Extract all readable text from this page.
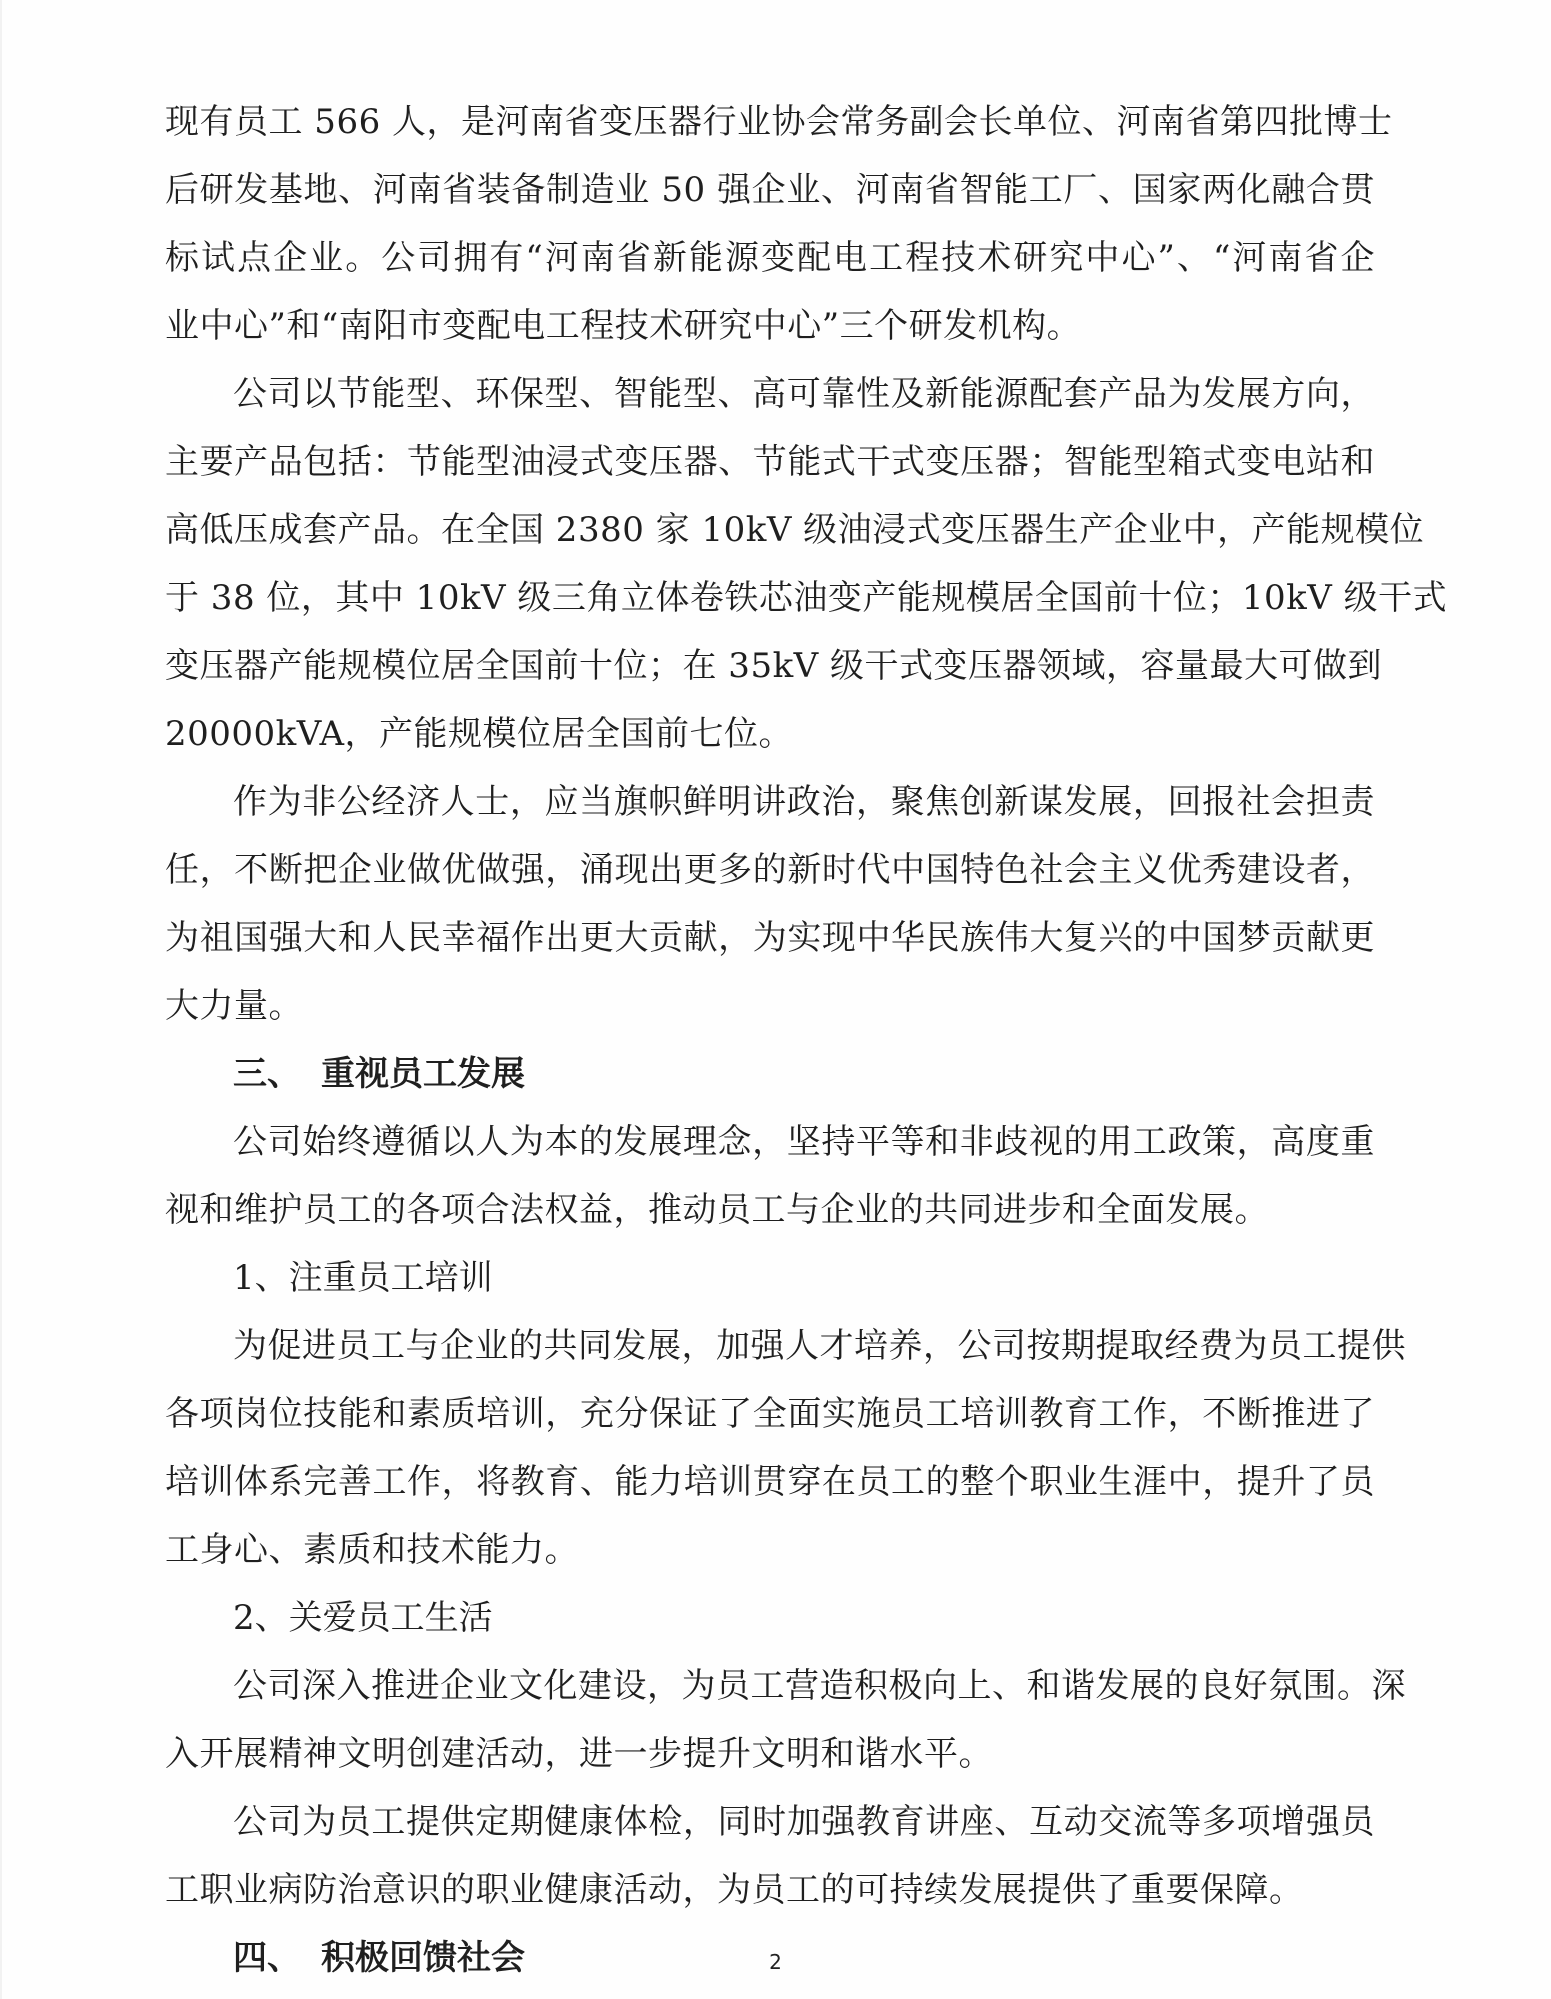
现有员工 566 人，是河南省变压器行业协会常务副会长单位、河南省第四批博士
后研发基地、河南省装备制造业 50 强企业、河南省智能工厂、国家两化融合贯
标试点企业。公司拥有“河南省新能源变配电工程技术研究中心”、“河南省企
业中心”和“南阳市变配电工程技术研究中心”三个研发机构。
公司以节能型、环保型、智能型、高可靠性及新能源配套产品为发展方向，
主要产品包括：节能型油浸式变压器、节能式干式变压器；智能型箱式变电站和
高低压成套产品。在全国 2380 家 10kV 级油浸式变压器生产企业中，产能规模位
于 38 位，其中 10kV 级三角立体卷铁芯油变产能规模居全国前十位；10kV 级干式
变压器产能规模位居全国前十位；在 35kV 级干式变压器领域，容量最大可做到
20000kVA，产能规模位居全国前七位。
作为非公经济人士，应当旗帜鲜明讲政治，聚焦创新谋发展，回报社会担责
任，不断把企业做优做强，涌现出更多的新时代中国特色社会主义优秀建设者，
为祖国强大和人民幸福作出更大贡献，为实现中华民族伟大复兴的中国梦贡献更
大力量。
三、 重视员工发展
公司始终遵循以人为本的发展理念，坚持平等和非歧视的用工政策，高度重
视和维护员工的各项合法权益，推动员工与企业的共同进步和全面发展。
1、注重员工培训
为促进员工与企业的共同发展，加强人才培养，公司按期提取经费为员工提供
各项岗位技能和素质培训，充分保证了全面实施员工培训教育工作，不断推进了
培训体系完善工作，将教育、能力培训贯穿在员工的整个职业生涯中，提升了员
工身心、素质和技术能力。
2、关爱员工生活
公司深入推进企业文化建设，为员工营造积极向上、和谐发展的良好氛围。深
入开展精神文明创建活动，进一步提升文明和谐水平。
公司为员工提供定期健康体检，同时加强教育讲座、互动交流等多项增强员
工职业病防治意识的职业健康活动，为员工的可持续发展提供了重要保障。
四、 积极回馈社会	2
